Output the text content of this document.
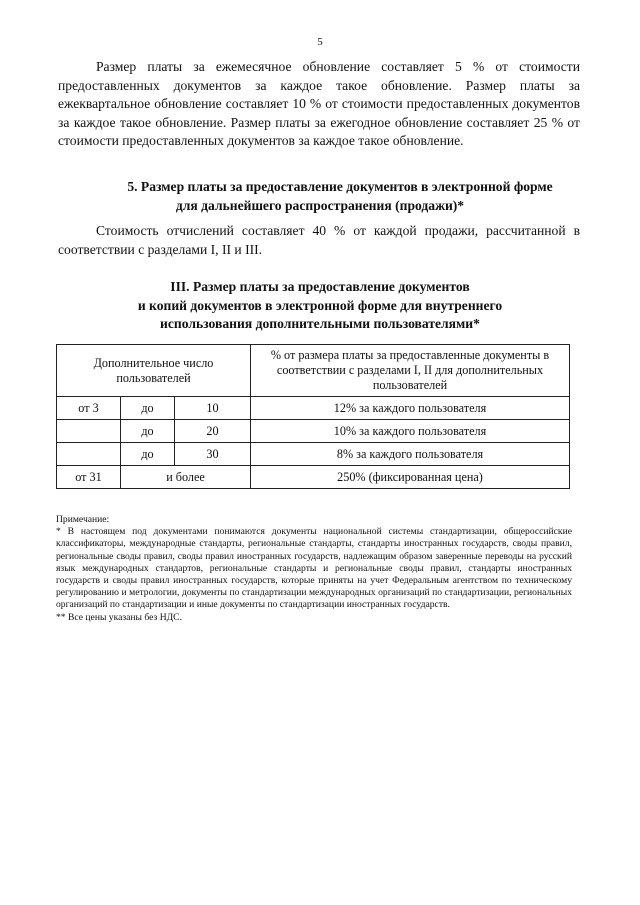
5

Размер платы за ежемесячное обновление составляет 5 % от стоимости предоставленных документов за каждое такое обновление. Размер платы за ежеквартальное обновление составляет 10 % от стоимости предоставленных документов за каждое такое обновление. Размер платы за ежегодное обновление составляет 25 % от стоимости предоставленных документов за каждое такое обновление.

5. Размер платы за предоставление документов в электронной форме
для дальнейшего распространения (продажи)*

Стоимость отчислений составляет 40 % от каждой продажи, рассчитанной в соответствии с разделами I, II и III.

III. Размер платы за предоставление документов
и копий документов в электронной форме для внутреннего
использования дополнительными пользователями*
Дополнительное число пользователей			% от размера платы за предоставленные документы в соответствии с разделами I, II для дополнительных пользователей
от 3	до	10	12% за каждого пользователя
	до	20	10% за каждого пользователя
	до	30	8% за каждого пользователя
от 31	и более		250% (фиксированная цена)
Примечание:
* В настоящем под документами понимаются документы национальной системы стандартизации, общероссийские классификаторы, международные стандарты, региональные стандарты, стандарты иностранных государств, своды правил, региональные своды правил, своды правил иностранных государств, надлежащим образом заверенные переводы на русский язык международных стандартов, региональные стандарты и региональные своды правил, стандарты иностранных государств и своды правил иностранных государств, которые приняты на учет Федеральным агентством по техническому регулированию и метрологии, документы по стандартизации международных организаций по стандартизации, региональных организаций по стандартизации и иные документы по стандартизации иностранных государств.
** Все цены указаны без НДС.
